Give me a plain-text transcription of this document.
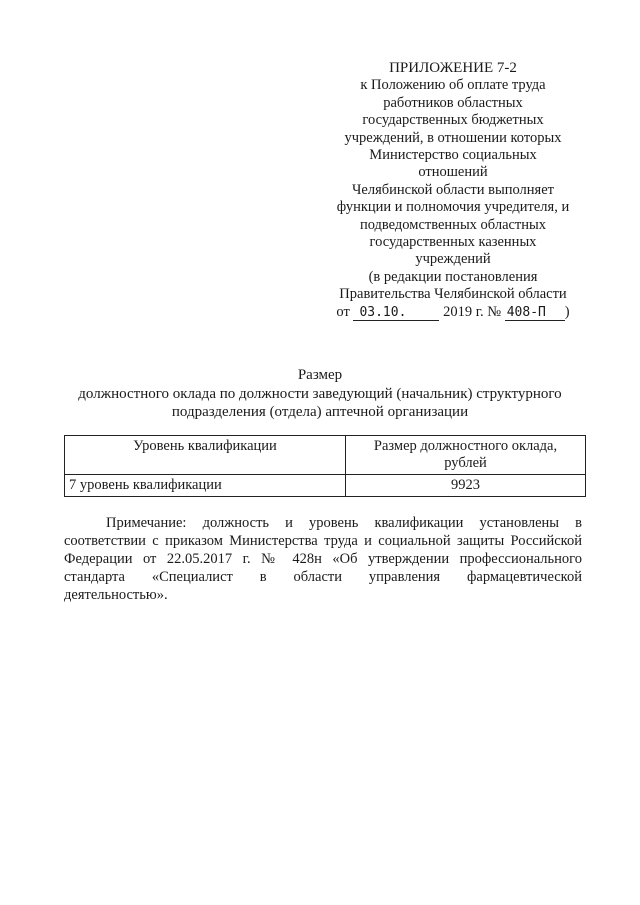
ПРИЛОЖЕНИЕ 7-2
к Положению об оплате труда
работников областных
государственных бюджетных
учреждений, в отношении которых
Министерство социальных
отношений
Челябинской области выполняет
функции и полномочия учредителя, и
подведомственных областных
государственных казенных
учреждений
(в редакции постановления
Правительства Челябинской области
от 03.10.	2019 г. № 408-П )
Размер
должностного оклада по должности заведующий (начальник) структурного
подразделения (отдела) аптечной организации
Уровень квалификации	Размер должностного оклада,
рублей

7 уровень квалификации	9923
Примечание: должность и уровень квалификации установлены в
соответствии с приказом Министерства труда и социальной защиты Российской
Федерации от 22.05.2017 г. № 428н «Об утверждении профессионального
стандарта «Специалист в области управления фармацевтической
деятельностью».
